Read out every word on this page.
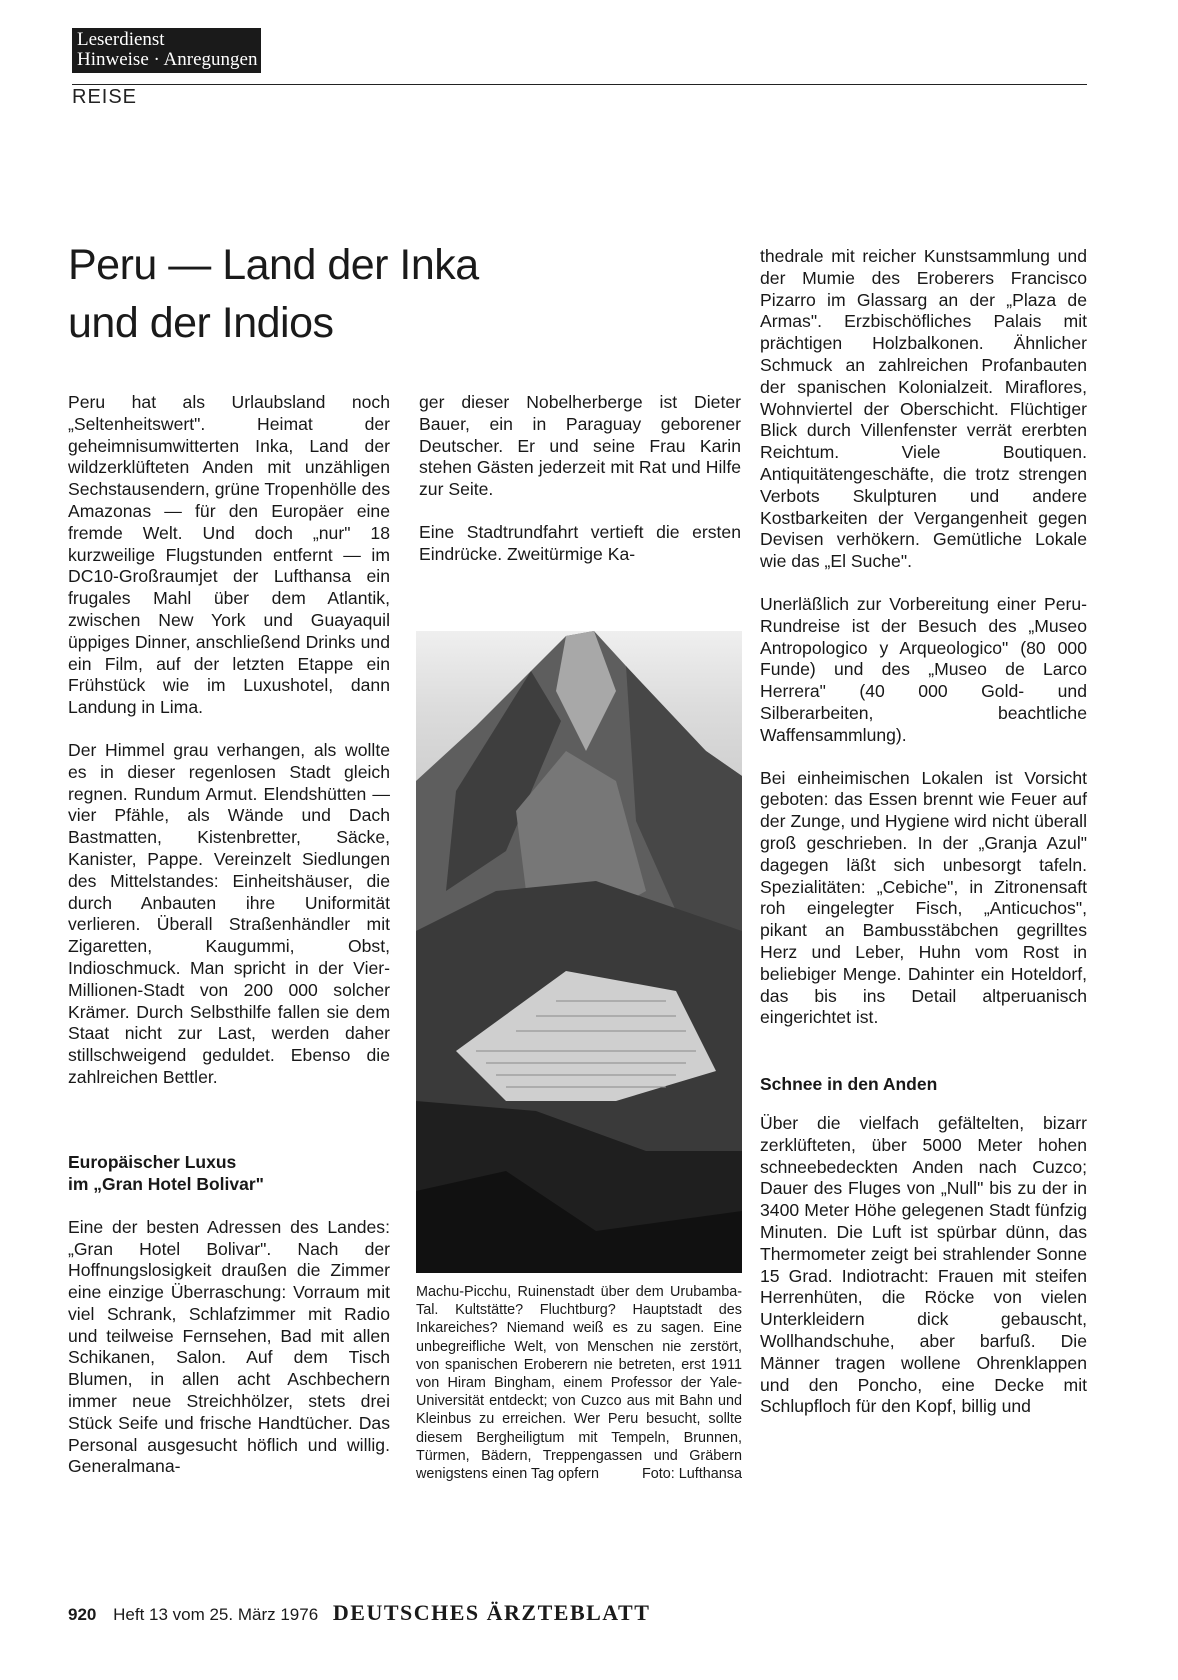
Leserdienst
Hinweise · Anregungen
REISE
Peru — Land der Inka
und der Indios

Peru hat als Urlaubsland noch „Seltenheitswert". Heimat der geheimnisumwitterten Inka, Land der wildzerklüfteten Anden mit unzähligen Sechstausendern, grüne Tropenhölle des Amazonas — für den Europäer eine fremde Welt. Und doch „nur" 18 kurzweilige Flugstunden entfernt — im DC10-Großraumjet der Lufthansa ein frugales Mahl über dem Atlantik, zwischen New York und Guayaquil üppiges Dinner, anschließend Drinks und ein Film, auf der letzten Etappe ein Frühstück wie im Luxushotel, dann Landung in Lima.

Der Himmel grau verhangen, als wollte es in dieser regenlosen Stadt gleich regnen. Rundum Armut. Elendshütten — vier Pfähle, als Wände und Dach Bastmatten, Kistenbretter, Säcke, Kanister, Pappe. Vereinzelt Siedlungen des Mittelstandes: Einheitshäuser, die durch Anbauten ihre Uniformität verlieren. Überall Straßenhändler mit Zigaretten, Kaugummi, Obst, Indioschmuck. Man spricht in der Vier-Millionen-Stadt von 200 000 solcher Krämer. Durch Selbsthilfe fallen sie dem Staat nicht zur Last, werden daher stillschweigend geduldet. Ebenso die zahlreichen Bettler.

Europäischer Luxus
im „Gran Hotel Bolivar"

Eine der besten Adressen des Landes: „Gran Hotel Bolivar". Nach der Hoffnungslosigkeit draußen die Zimmer eine einzige Überraschung: Vorraum mit viel Schrank, Schlafzimmer mit Radio und teilweise Fernsehen, Bad mit allen Schikanen, Salon. Auf dem Tisch Blumen, in allen acht Aschbechern immer neue Streichhölzer, stets drei Stück Seife und frische Handtücher. Das Personal ausgesucht höflich und willig. Generalmana-

ger dieser Nobelherberge ist Dieter Bauer, ein in Paraguay geborener Deutscher. Er und seine Frau Karin stehen Gästen jederzeit mit Rat und Hilfe zur Seite.

Eine Stadtrundfahrt vertieft die ersten Eindrücke. Zweitürmige Ka-

Machu-Picchu, Ruinenstadt über dem Urubamba-Tal. Kultstätte? Fluchtburg? Hauptstadt des Inkareiches? Niemand weiß es zu sagen. Eine unbegreifliche Welt, von Menschen nie zerstört, von spanischen Eroberern nie betreten, erst 1911 von Hiram Bingham, einem Professor der Yale-Universität entdeckt; von Cuzco aus mit Bahn und Kleinbus zu erreichen. Wer Peru besucht, sollte diesem Bergheiligtum mit Tempeln, Brunnen, Türmen, Bädern, Treppengassen und Gräbern wenigstens einen Tag opfern	Foto: Lufthansa

thedrale mit reicher Kunstsammlung und der Mumie des Eroberers Francisco Pizarro im Glassarg an der „Plaza de Armas". Erzbischöfliches Palais mit prächtigen Holzbalkonen. Ähnlicher Schmuck an zahlreichen Profanbauten der spanischen Kolonialzeit. Miraflores, Wohnviertel der Oberschicht. Flüchtiger Blick durch Villenfenster verrät ererbten Reichtum. Viele Boutiquen. Antiquitätengeschäfte, die trotz strengen Verbots Skulpturen und andere Kostbarkeiten der Vergangenheit gegen Devisen verhökern. Gemütliche Lokale wie das „El Suche".

Unerläßlich zur Vorbereitung einer Peru-Rundreise ist der Besuch des „Museo Antropologico y Arqueologico" (80 000 Funde) und des „Museo de Larco Herrera" (40 000 Gold- und Silberarbeiten, beachtliche Waffensammlung).

Bei einheimischen Lokalen ist Vorsicht geboten: das Essen brennt wie Feuer auf der Zunge, und Hygiene wird nicht überall groß geschrieben. In der „Granja Azul" dagegen läßt sich unbesorgt tafeln. Spezialitäten: „Cebiche", in Zitronensaft roh eingelegter Fisch, „Anticuchos", pikant an Bambusstäbchen gegrilltes Herz und Leber, Huhn vom Rost in beliebiger Menge. Dahinter ein Hoteldorf, das bis ins Detail altperuanisch eingerichtet ist.

Schnee in den Anden

Über die vielfach gefältelten, bizarr zerklüfteten, über 5000 Meter hohen schneebedeckten Anden nach Cuzco; Dauer des Fluges von „Null" bis zu der in 3400 Meter Höhe gelegenen Stadt fünfzig Minuten. Die Luft ist spürbar dünn, das Thermometer zeigt bei strahlender Sonne 15 Grad. Indiotracht: Frauen mit steifen Herrenhüten, die Röcke von vielen Unterkleidern dick gebauscht, Wollhandschuhe, aber barfuß. Die Männer tragen wollene Ohrenklappen und den Poncho, eine Decke mit Schlupfloch für den Kopf, billig und

920 Heft 13 vom 25. März 1976 DEUTSCHES ÄRZTEBLATT
